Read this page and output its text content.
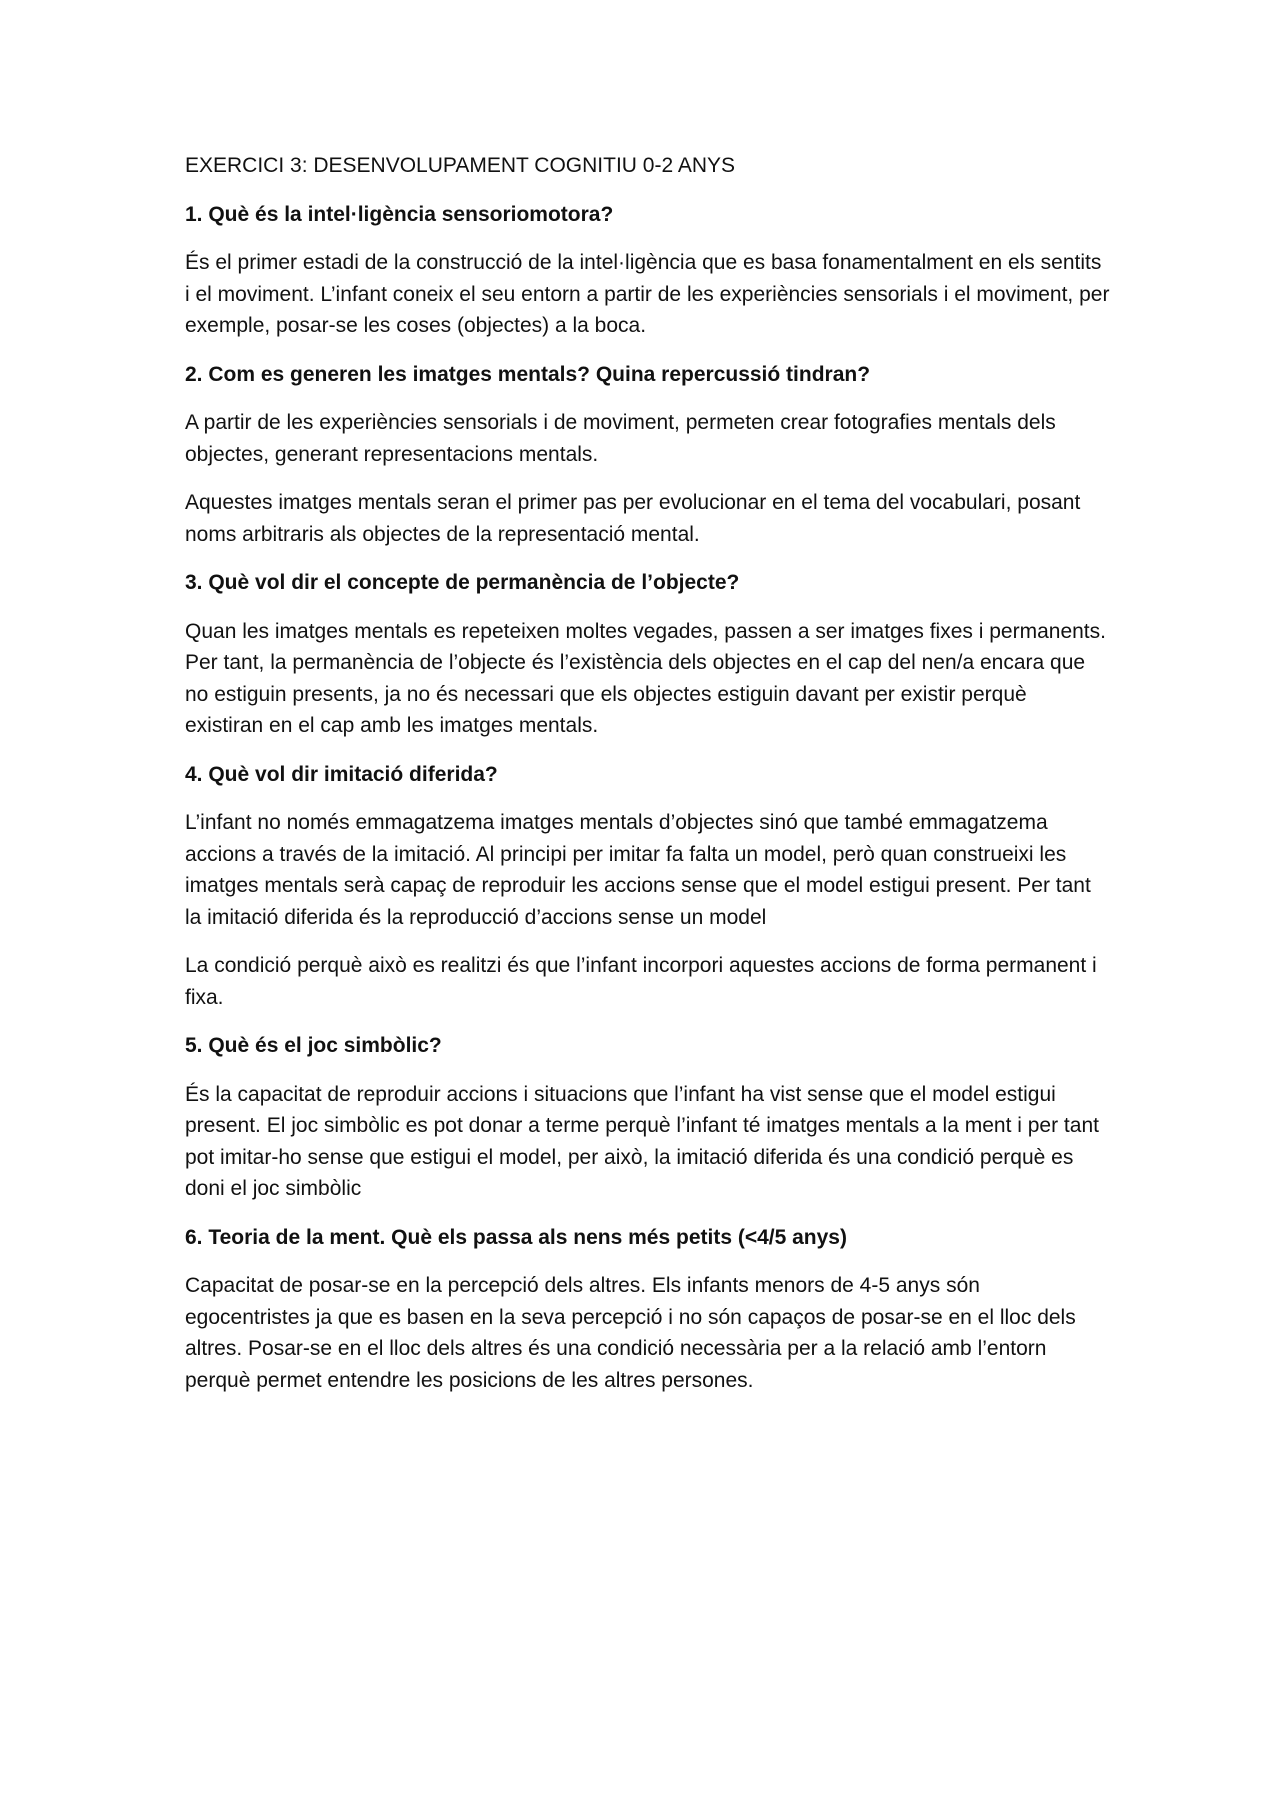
EXERCICI 3: DESENVOLUPAMENT COGNITIU 0-2 ANYS

1. Què és la intel·ligència sensoriomotora?

És el primer estadi de la construcció de la intel·ligència que es basa fonamentalment en els sentits i el moviment. L’infant coneix el seu entorn a partir de les experiències sensorials i el moviment, per exemple, posar-se les coses (objectes) a la boca.

2. Com es generen les imatges mentals? Quina repercussió tindran?

A partir de les experiències sensorials i de moviment, permeten crear fotografies mentals dels objectes, generant representacions mentals.

Aquestes imatges mentals seran el primer pas per evolucionar en el tema del vocabulari, posant noms arbitraris als objectes de la representació mental.

3. Què vol dir el concepte de permanència de l’objecte?

Quan les imatges mentals es repeteixen moltes vegades, passen a ser imatges fixes i permanents. Per tant, la permanència de l’objecte és l’existència dels objectes en el cap del nen/a encara que no estiguin presents, ja no és necessari que els objectes estiguin davant per existir perquè existiran en el cap amb les imatges mentals.

4. Què vol dir imitació diferida?

L’infant no només emmagatzema imatges mentals d’objectes sinó que també emmagatzema accions a través de la imitació. Al principi per imitar fa falta un model, però quan construeixi les imatges mentals serà capaç de reproduir les accions sense que el model estigui present. Per tant la imitació diferida és la reproducció d’accions sense un model

La condició perquè això es realitzi és que l’infant incorpori aquestes accions de forma permanent i fixa.

5. Què és el joc simbòlic?

És la capacitat de reproduir accions i situacions que l’infant ha vist sense que el model estigui present. El joc simbòlic es pot donar a terme perquè l’infant té imatges mentals a la ment i per tant pot imitar-ho sense que estigui el model, per això, la imitació diferida és una condició perquè es doni el joc simbòlic

6. Teoria de la ment. Què els passa als nens més petits (<4/5 anys)

Capacitat de posar-se en la percepció dels altres. Els infants menors de 4-5 anys són egocentristes ja que es basen en la seva percepció i no són capaços de posar-se en el lloc dels altres. Posar-se en el lloc dels altres és una condició necessària per a la relació amb l’entorn perquè permet entendre les posicions de les altres persones.
